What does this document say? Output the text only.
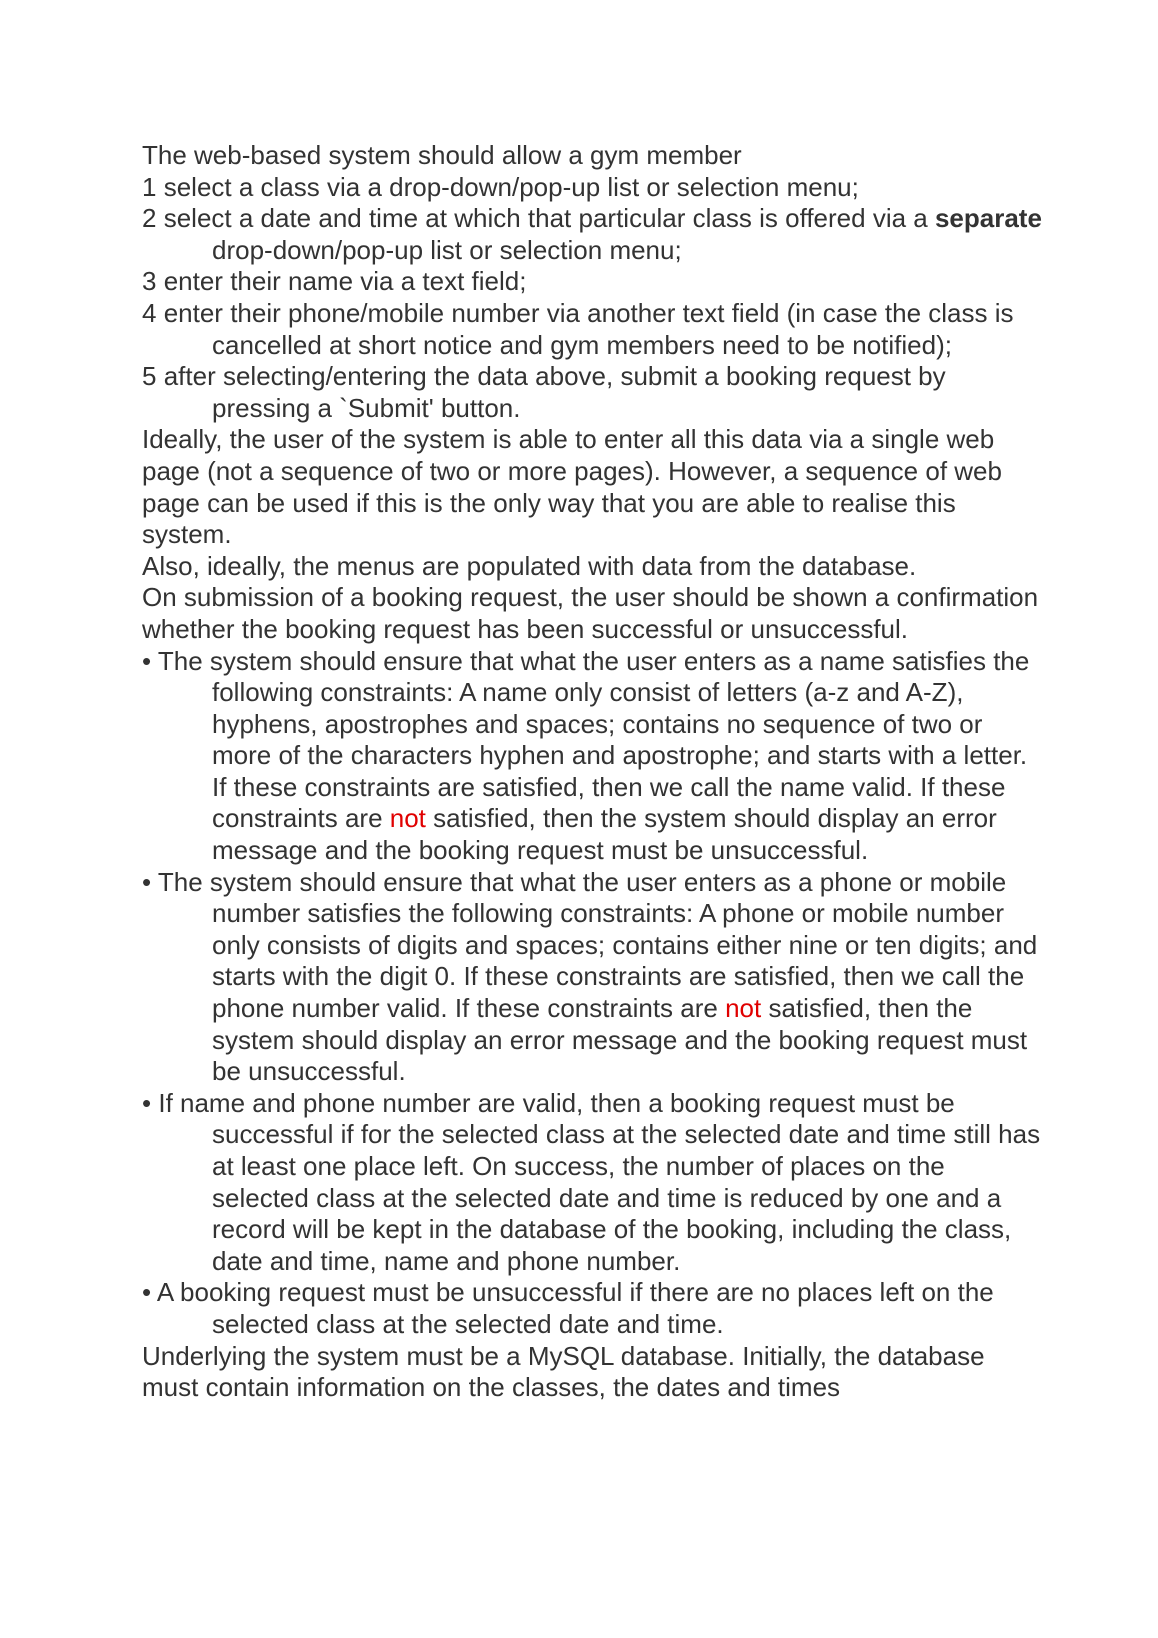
The web-based system should allow a gym member
1 select a class via a drop-down/pop-up list or selection menu;
2 select a date and time at which that particular class is offered via a separate drop-down/pop-up list or selection menu;
3 enter their name via a text field;
4 enter their phone/mobile number via another text field (in case the class is cancelled at short notice and gym members need to be notified);
5 after selecting/entering the data above, submit a booking request by pressing a `Submit' button.
Ideally, the user of the system is able to enter all this data via a single web page (not a sequence of two or more pages). However, a sequence of web page can be used if this is the only way that you are able to realise this system.
Also, ideally, the menus are populated with data from the database.
On submission of a booking request, the user should be shown a confirmation whether the booking request has been successful or unsuccessful.
• The system should ensure that what the user enters as a name satisfies the following constraints: A name only consist of letters (a-z and A-Z), hyphens, apostrophes and spaces; contains no sequence of two or more of the characters hyphen and apostrophe; and starts with a letter. If these constraints are satisfied, then we call the name valid. If these constraints are not satisfied, then the system should display an error message and the booking request must be unsuccessful.
• The system should ensure that what the user enters as a phone or mobile number satisfies the following constraints: A phone or mobile number only consists of digits and spaces; contains either nine or ten digits; and starts with the digit 0. If these constraints are satisfied, then we call the phone number valid. If these constraints are not satisfied, then the system should display an error message and the booking request must be unsuccessful.
• If name and phone number are valid, then a booking request must be successful if for the selected class at the selected date and time still has at least one place left. On success, the number of places on the selected class at the selected date and time is reduced by one and a record will be kept in the database of the booking, including the class, date and time, name and phone number.
• A booking request must be unsuccessful if there are no places left on the selected class at the selected date and time.
Underlying the system must be a MySQL database. Initially, the database must contain information on the classes, the dates and times
